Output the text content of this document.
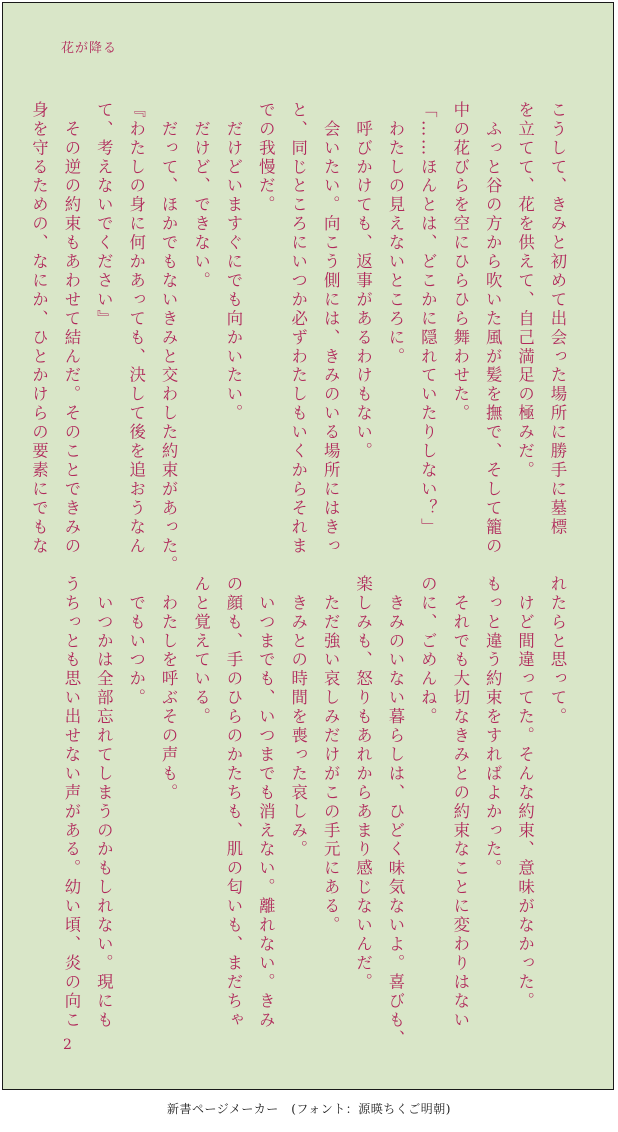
花が降る
こうして、きみと初めて出会った場所に勝手に墓標
を立てて、花を供えて、自己満足の極みだ。
　ふっと谷の方から吹いた風が髪を撫で、そして籠の
中の花びらを空にひらひら舞わせた。
「……ほんとは、どこかに隠れていたりしない？」
　わたしの見えないところに。
　呼びかけても、返事があるわけもない。
　会いたい。向こう側には、きみのいる場所にはきっ
と、同じところにいつか必ずわたしもいくからそれま
での我慢だ。
　だけどいますぐにでも向かいたい。
　だけど、できない。
　だって、ほかでもないきみと交わした約束があった。
『わたしの身に何かあっても、決して後を追おうなん
て、考えないでください』
　その逆の約束もあわせて結んだ。そのことできみの
身を守るための、なにか、ひとかけらの要素にでもな
れたらと思って。
　けど間違ってた。そんな約束、意味がなかった。
もっと違う約束をすればよかった。
　それでも大切なきみとの約束なことに変わりはない
のに、ごめんね。
　きみのいない暮らしは、ひどく味気ないよ。喜びも、
楽しみも、怒りもあれからあまり感じないんだ。
　ただ強い哀しみだけがこの手元にある。
　きみとの時間を喪った哀しみ。
　いつまでも、いつまでも消えない。離れない。きみ
の顔も、手のひらのかたちも、肌の匂いも、まだちゃ
んと覚えている。
　わたしを呼ぶその声も。
　でもいつか。
　いつかは全部忘れてしまうのかもしれない。現にも
うちっとも思い出せない声がある。幼い頃、炎の向こ
2
新書ページメーカー　(フォント：源暎ちくご明朝)
